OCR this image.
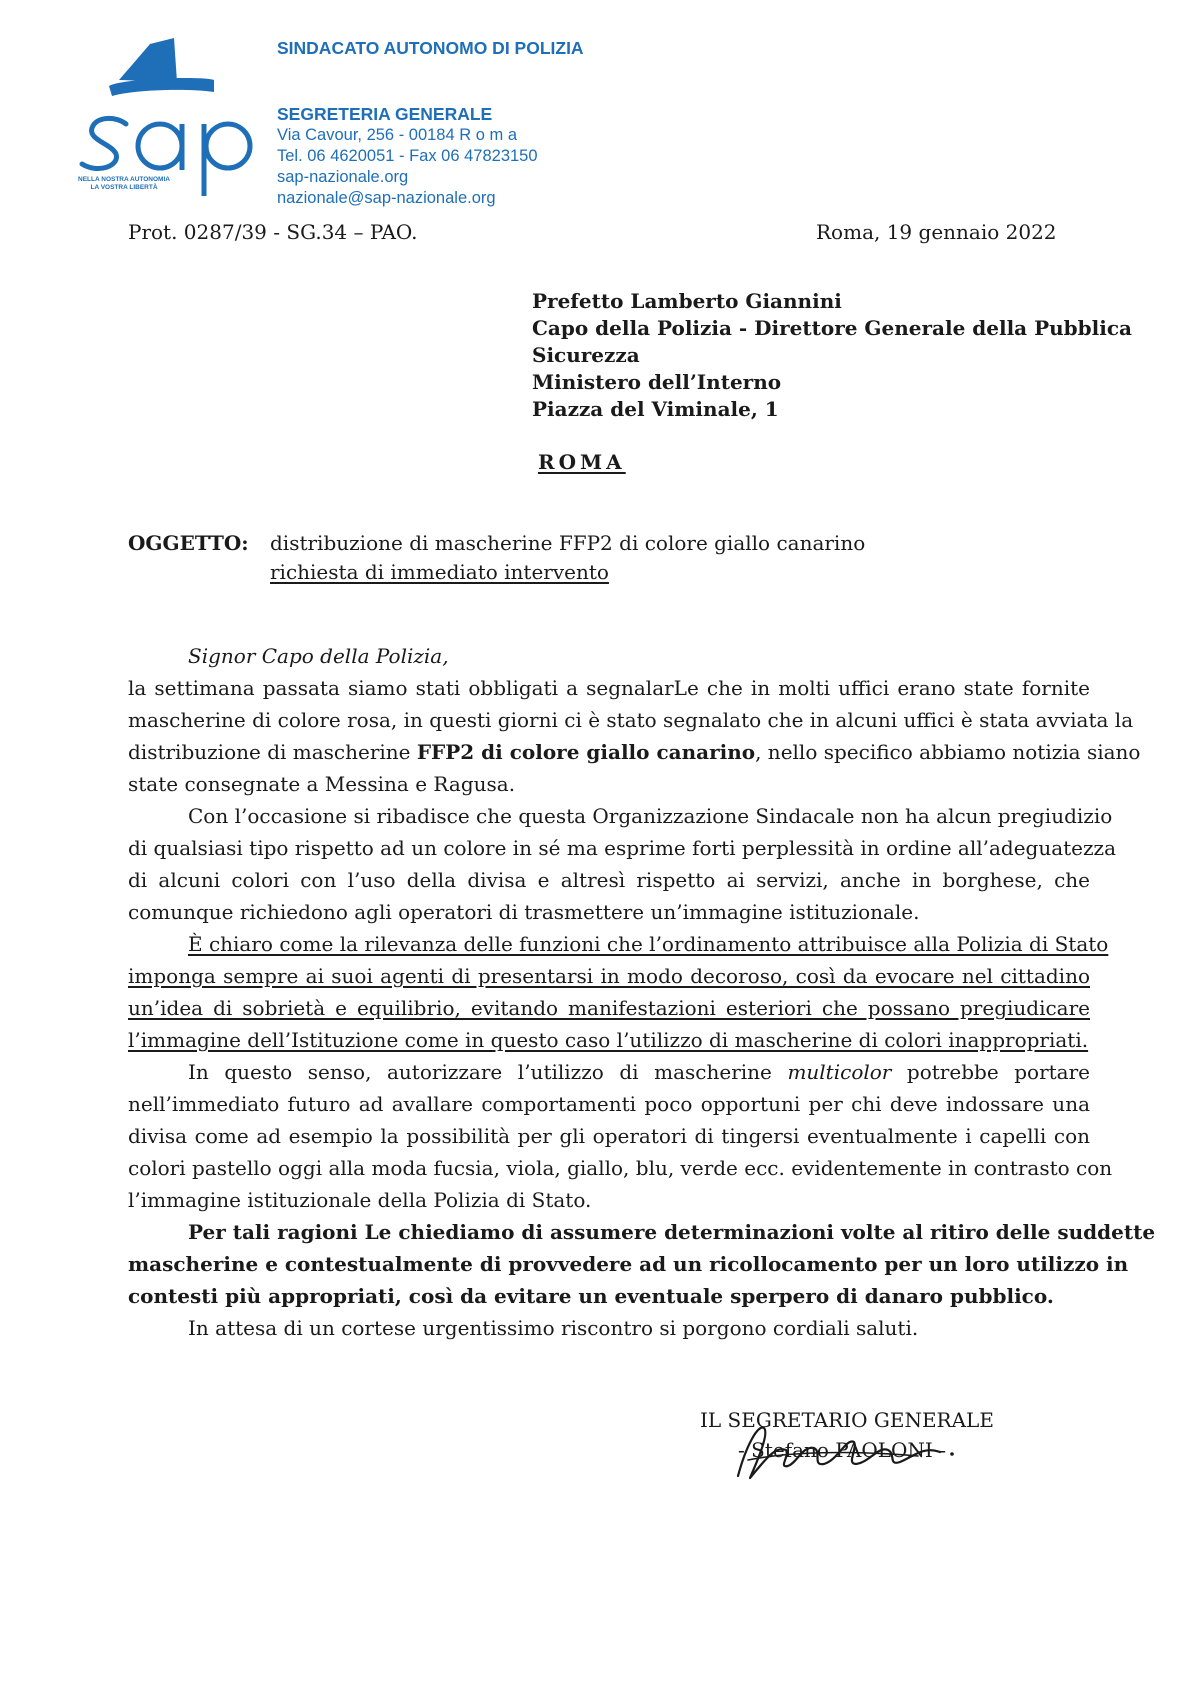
NELLA NOSTRA AUTONOMIA
LA VOSTRA LIBERTÀ
SINDACATO AUTONOMO DI POLIZIA
SEGRETERIA GENERALE
Via Cavour, 256 - 00184 R o m a
Tel. 06 4620051 - Fax 06 47823150
sap-nazionale.org
nazionale@sap-nazionale.org
Prot. 0287/39 - SG.34 – PAO.	Roma, 19 gennaio 2022
Prefetto Lamberto Giannini
Capo della Polizia - Direttore Generale della Pubblica
Sicurezza
Ministero dell’Interno
Piazza del Viminale, 1
ROMA
OGGETTO: distribuzione di mascherine FFP2 di colore giallo canarino
richiesta di immediato intervento
Signor Capo della Polizia,
la settimana passata siamo stati obbligati a segnalarLe che in molti uffici erano state fornite
mascherine di colore rosa, in questi giorni ci è stato segnalato che in alcuni uffici è stata avviata la
distribuzione di mascherine FFP2 di colore giallo canarino, nello specifico abbiamo notizia siano
state consegnate a Messina e Ragusa.
Con l’occasione si ribadisce che questa Organizzazione Sindacale non ha alcun pregiudizio
di qualsiasi tipo rispetto ad un colore in sé ma esprime forti perplessità in ordine all’adeguatezza
di alcuni colori con l’uso della divisa e altresì rispetto ai servizi, anche in borghese, che
comunque richiedono agli operatori di trasmettere un’immagine istituzionale.
È chiaro come la rilevanza delle funzioni che l’ordinamento attribuisce alla Polizia di Stato
imponga sempre ai suoi agenti di presentarsi in modo decoroso, così da evocare nel cittadino
un’idea di sobrietà e equilibrio, evitando manifestazioni esteriori che possano pregiudicare
l’immagine dell’Istituzione come in questo caso l’utilizzo di mascherine di colori inappropriati.
In questo senso, autorizzare l’utilizzo di mascherine multicolor potrebbe portare
nell’immediato futuro ad avallare comportamenti poco opportuni per chi deve indossare una
divisa come ad esempio la possibilità per gli operatori di tingersi eventualmente i capelli con
colori pastello oggi alla moda fucsia, viola, giallo, blu, verde ecc. evidentemente in contrasto con
l’immagine istituzionale della Polizia di Stato.
Per tali ragioni Le chiediamo di assumere determinazioni volte al ritiro delle suddette
mascherine e contestualmente di provvedere ad un ricollocamento per un loro utilizzo in
contesti più appropriati, così da evitare un eventuale sperpero di danaro pubblico.
In attesa di un cortese urgentissimo riscontro si porgono cordiali saluti.
IL SEGRETARIO GENERALE
- Stefano PAOLONI -
